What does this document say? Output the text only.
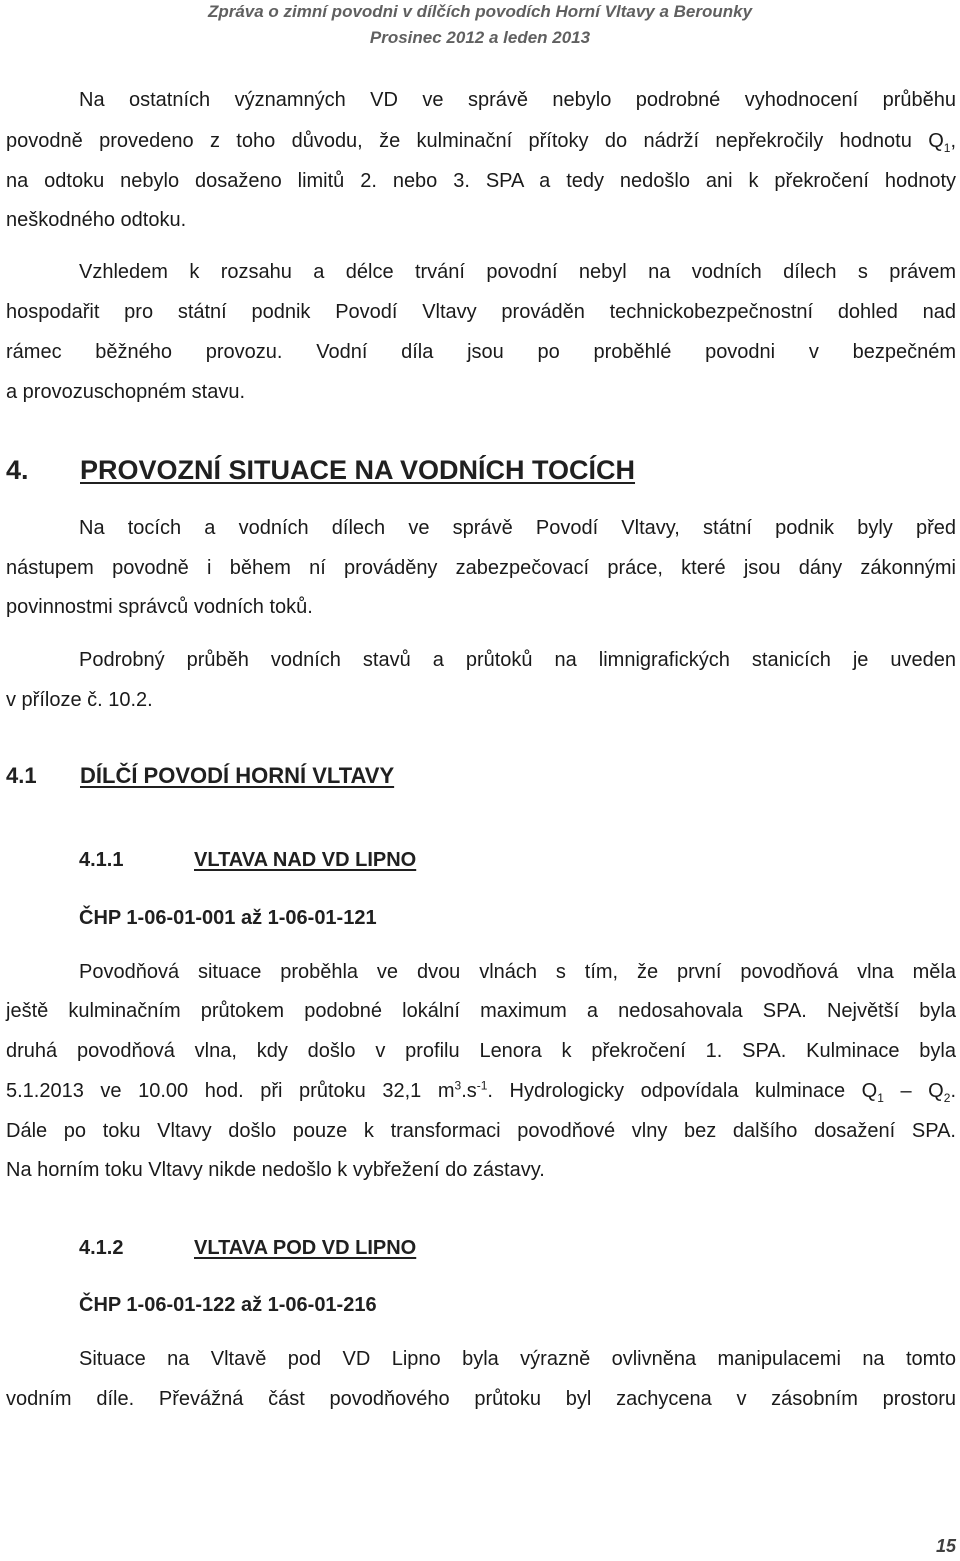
Zpráva o zimní povodni v dílčích povodích Horní Vltavy a Berounky
Prosinec 2012 a leden 2013
Na ostatních významných VD ve správě nebylo podrobné vyhodnocení průběhu
povodně provedeno z toho důvodu, že kulminační přítoky do nádrží nepřekročily hodnotu $Q_1$,
na odtoku nebylo dosaženo limitů 2. nebo 3. SPA a tedy nedošlo ani k překročení hodnoty
neškodného odtoku.
Vzhledem k rozsahu a délce trvání povodní nebyl na vodních dílech s právem
hospodařit pro státní podnik Povodí Vltavy prováděn technickobezpečnostní dohled nad
rámec běžného provozu. Vodní díla jsou po proběhlé povodni v bezpečném
a provozuschopném stavu.
4. PROVOZNÍ SITUACE NA VODNÍCH TOCÍCH
Na tocích a vodních dílech ve správě Povodí Vltavy, státní podnik byly před
nástupem povodně i během ní prováděny zabezpečovací práce, které jsou dány zákonnými
povinnostmi správců vodních toků.
Podrobný průběh vodních stavů a průtoků na limnigrafických stanicích je uveden
v příloze č. 10.2.
4.1 DÍLČÍ POVODÍ HORNÍ VLTAVY
4.1.1	VLTAVA NAD VD LIPNO
ČHP 1-06-01-001 až 1-06-01-121
Povodňová situace proběhla ve dvou vlnách s tím, že první povodňová vlna měla
ještě kulminačním průtokem podobné lokální maximum a nedosahovala SPA. Největší byla
druhá povodňová vlna, kdy došlo v profilu Lenora k překročení 1. SPA. Kulminace byla
5.1.2013 ve 10.00 hod. při průtoku 32,1 $m^3.s^{-1}$. Hydrologicky odpovídala kulminace $Q_1 - Q_2$.
Dále po toku Vltavy došlo pouze k transformaci povodňové vlny bez dalšího dosažení SPA.
Na horním toku Vltavy nikde nedošlo k vybřežení do zástavy.
4.1.2	VLTAVA POD VD LIPNO
ČHP 1-06-01-122 až 1-06-01-216
Situace na Vltavě pod VD Lipno byla výrazně ovlivněna manipulacemi na tomto
vodním díle. Převážná část povodňového průtoku byl zachycena v zásobním prostoru
15
